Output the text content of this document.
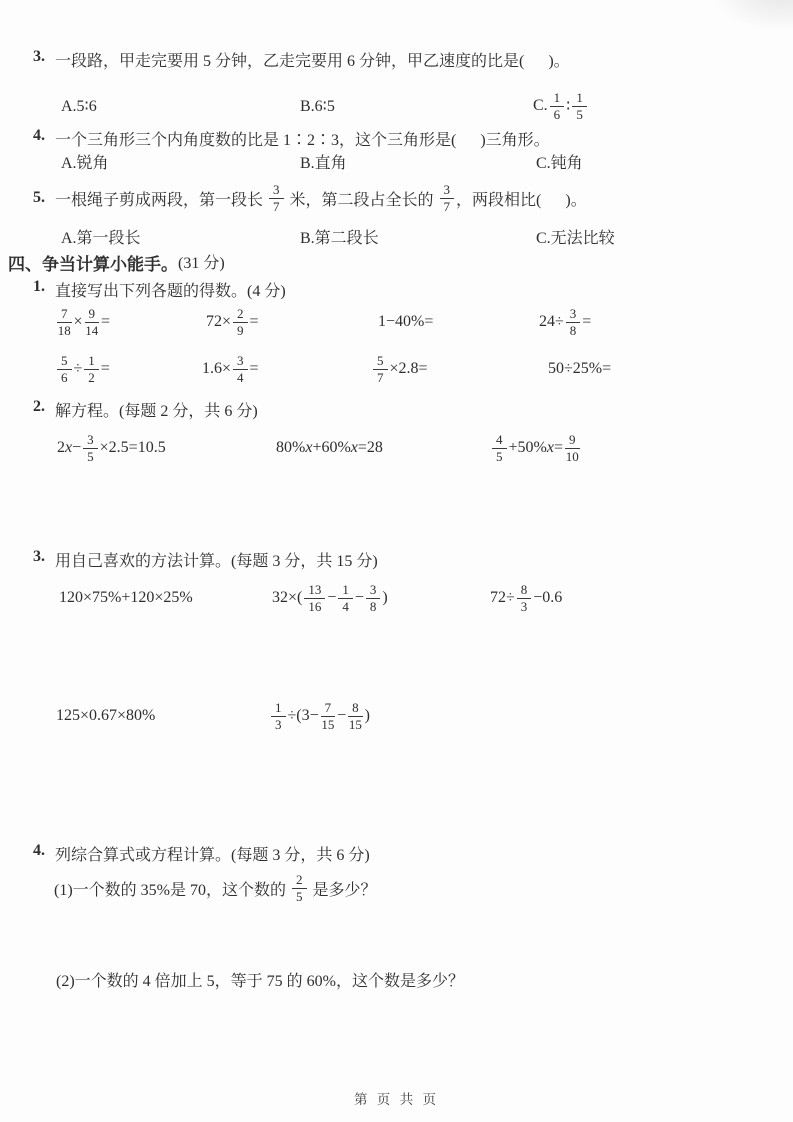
3. 一段路，甲走完要用 5 分钟，乙走完要用 6 分钟，甲乙速度的比是(      )。
A.5∶6	B.6∶5	C. $\frac{1}{6}$ ∶ $\frac{1}{5}$
4. 一个三角形三个内角度数的比是 1∶2∶3，这个三角形是(      )三角形。
A.锐角	B.直角	C.钝角
5. 一根绳子剪成两段，第一段长 $\frac{3}{7}$ 米，第二段占全长的 $\frac{3}{7}$ ，两段相比(      )。
A.第一段长	B.第二段长	C.无法比较
四、争当计算小能手。 (31 分)
1. 直接写出下列各题的得数。(4 分)
$\frac{7}{18} \times \frac{9}{14}$ =	$72\times \frac{2}{9}$ =	1−40%=	$24\div \frac{3}{8}$ =
$\frac{5}{6} \div \frac{1}{2}$ =	$1.6\times \frac{3}{4}$ =	$\frac{5}{7} \times 2.8=$	50÷25%=
2. 解方程。(每题 2 分，共 6 分)
2 $x - \frac{3}{5} \times 2.5=10.5$	80% x +60% x =28	$\frac{4}{5} +50\%$ $x = \frac{9}{10}$
3. 用自己喜欢的方法计算。(每题 3 分，共 15 分)
120×75%+120×25%	$32\times( \frac{13}{16} - \frac{1}{4} - \frac{3}{8}$ )	$72\div \frac{8}{3} -0.6$
125×0.67×80%	$\frac{1}{3} \div(3- \frac{7}{15} - \frac{8}{15}$ )
4. 列综合算式或方程计算。(每题 3 分，共 6 分)
(1)一个数的 35%是 70，这个数的 $\frac{2}{5}$ 是多少？
(2)一个数的 4 倍加上 5，等于 75 的 60%，这个数是多少？
第 页 共 页
